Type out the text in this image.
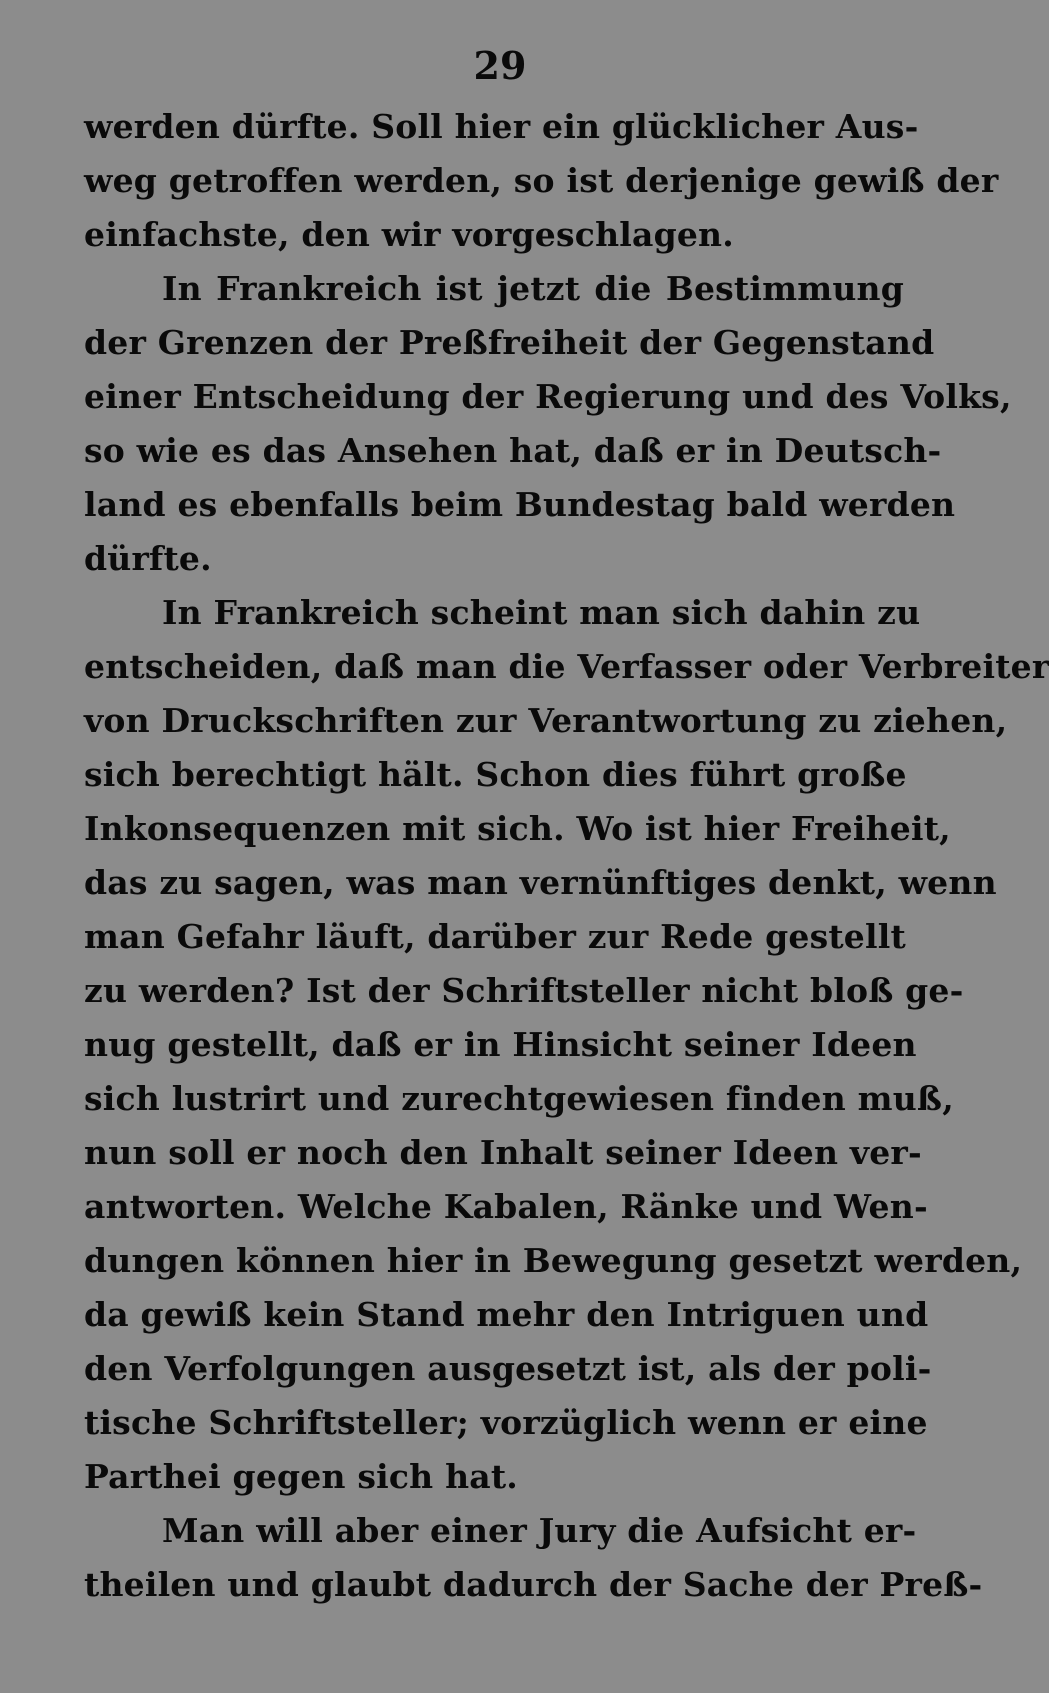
29
werden dürfte. Soll hier ein glücklicher Aus-
weg getroffen werden, so ist derjenige gewiß der
einfachste, den wir vorgeschlagen.
In Frankreich ist jetzt die Bestimmung
der Grenzen der Preßfreiheit der Gegenstand
einer Entscheidung der Regierung und des Volks,
so wie es das Ansehen hat, daß er in Deutsch-
land es ebenfalls beim Bundestag bald werden
dürfte.
In Frankreich scheint man sich dahin zu
entscheiden, daß man die Verfasser oder Verbreiter
von Druckschriften zur Verantwortung zu ziehen,
sich berechtigt hält. Schon dies führt große
Inkonsequenzen mit sich. Wo ist hier Freiheit,
das zu sagen, was man vernünftiges denkt, wenn
man Gefahr läuft, darüber zur Rede gestellt
zu werden? Ist der Schriftsteller nicht bloß ge-
nug gestellt, daß er in Hinsicht seiner Ideen
sich lustrirt und zurechtgewiesen finden muß,
nun soll er noch den Inhalt seiner Ideen ver-
antworten. Welche Kabalen, Ränke und Wen-
dungen können hier in Bewegung gesetzt werden,
da gewiß kein Stand mehr den Intriguen und
den Verfolgungen ausgesetzt ist, als der poli-
tische Schriftsteller; vorzüglich wenn er eine
Parthei gegen sich hat.
Man will aber einer Jury die Aufsicht er-
theilen und glaubt dadurch der Sache der Preß-
